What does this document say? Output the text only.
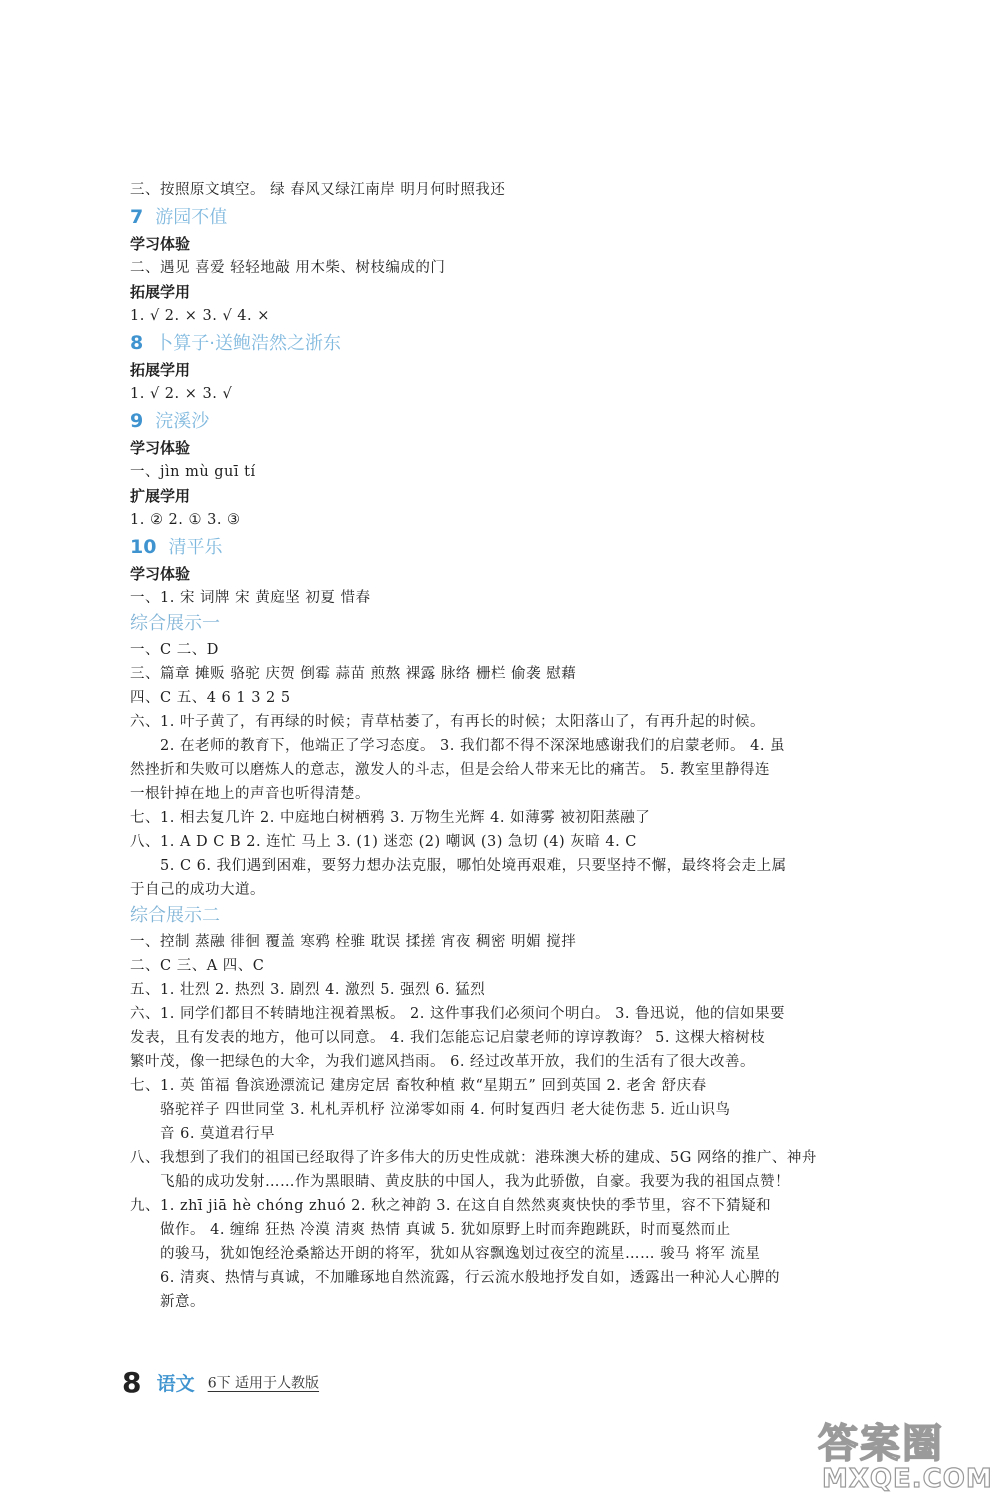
三、按照原文填空。 绿 春风又绿江南岸 明月何时照我还
7 游园不值
学习体验
二、遇见 喜爱 轻轻地敲 用木柴、树枝编成的门
拓展学用
1. √ 2. × 3. √ 4. ×
8 卜算子·送鲍浩然之浙东
拓展学用
1. √ 2. × 3. √
9 浣溪沙
学习体验
一、jìn mù guī tí
扩展学用
1. ② 2. ① 3. ③
10 清平乐
学习体验
一、1. 宋 词牌 宋 黄庭坚 初夏 惜春
综合展示一
一、C 二、D
三、篇章 摊贩 骆驼 庆贺 倒霉 蒜苗 煎熬 裸露 脉络 栅栏 偷袭 慰藉
四、C 五、4 6 1 3 2 5
六、1. 叶子黄了，有再绿的时候；青草枯萎了，有再长的时候；太阳落山了，有再升起的时候。
2. 在老师的教育下，他端正了学习态度。 3. 我们都不得不深深地感谢我们的启蒙老师。 4. 虽
然挫折和失败可以磨炼人的意志，激发人的斗志，但是会给人带来无比的痛苦。 5. 教室里静得连
一根针掉在地上的声音也听得清楚。
七、1. 相去复几许 2. 中庭地白树栖鸦 3. 万物生光辉 4. 如薄雾 被初阳蒸融了
八、1. A D C B 2. 连忙 马上 3. (1) 迷恋 (2) 嘲讽 (3) 急切 (4) 灰暗 4. C
5. C 6. 我们遇到困难，要努力想办法克服，哪怕处境再艰难，只要坚持不懈，最终将会走上属
于自己的成功大道。
综合展示二
一、控制 蒸融 徘徊 覆盖 寒鸦 栓骓 耽误 揉搓 宵夜 稠密 明媚 搅拌
二、C 三、A 四、C
五、1. 壮烈 2. 热烈 3. 剧烈 4. 激烈 5. 强烈 6. 猛烈
六、1. 同学们都目不转睛地注视着黑板。 2. 这件事我们必须问个明白。 3. 鲁迅说，他的信如果要
发表，且有发表的地方，他可以同意。 4. 我们怎能忘记启蒙老师的谆谆教诲？ 5. 这棵大榕树枝
繁叶茂，像一把绿色的大伞，为我们遮风挡雨。 6. 经过改革开放，我们的生活有了很大改善。
七、1. 英 笛福 鲁滨逊漂流记 建房定居 畜牧种植 救“星期五” 回到英国 2. 老舍 舒庆春
骆驼祥子 四世同堂 3. 札札弄机杼 泣涕零如雨 4. 何时复西归 老大徒伤悲 5. 近山识鸟
音 6. 莫道君行早
八、我想到了我们的祖国已经取得了许多伟大的历史性成就：港珠澳大桥的建成、5G 网络的推广、神舟
飞船的成功发射……作为黑眼睛、黄皮肤的中国人，我为此骄傲，自豪。我要为我的祖国点赞！
九、1. zhī jiā hè chóng zhuó 2. 秋之神韵 3. 在这自自然然爽爽快快的季节里，容不下猜疑和
做作。 4. 缠绵 狂热 冷漠 清爽 热情 真诚 5. 犹如原野上时而奔跑跳跃，时而戛然而止
的骏马，犹如饱经沧桑豁达开朗的将军，犹如从容飘逸划过夜空的流星…… 骏马 将军 流星
6. 清爽、热情与真诚，不加雕琢地自然流露，行云流水般地抒发自如，透露出一种沁人心脾的
新意。
8 语文 6下 适用于人教版
答案圈
MXQE.COM
